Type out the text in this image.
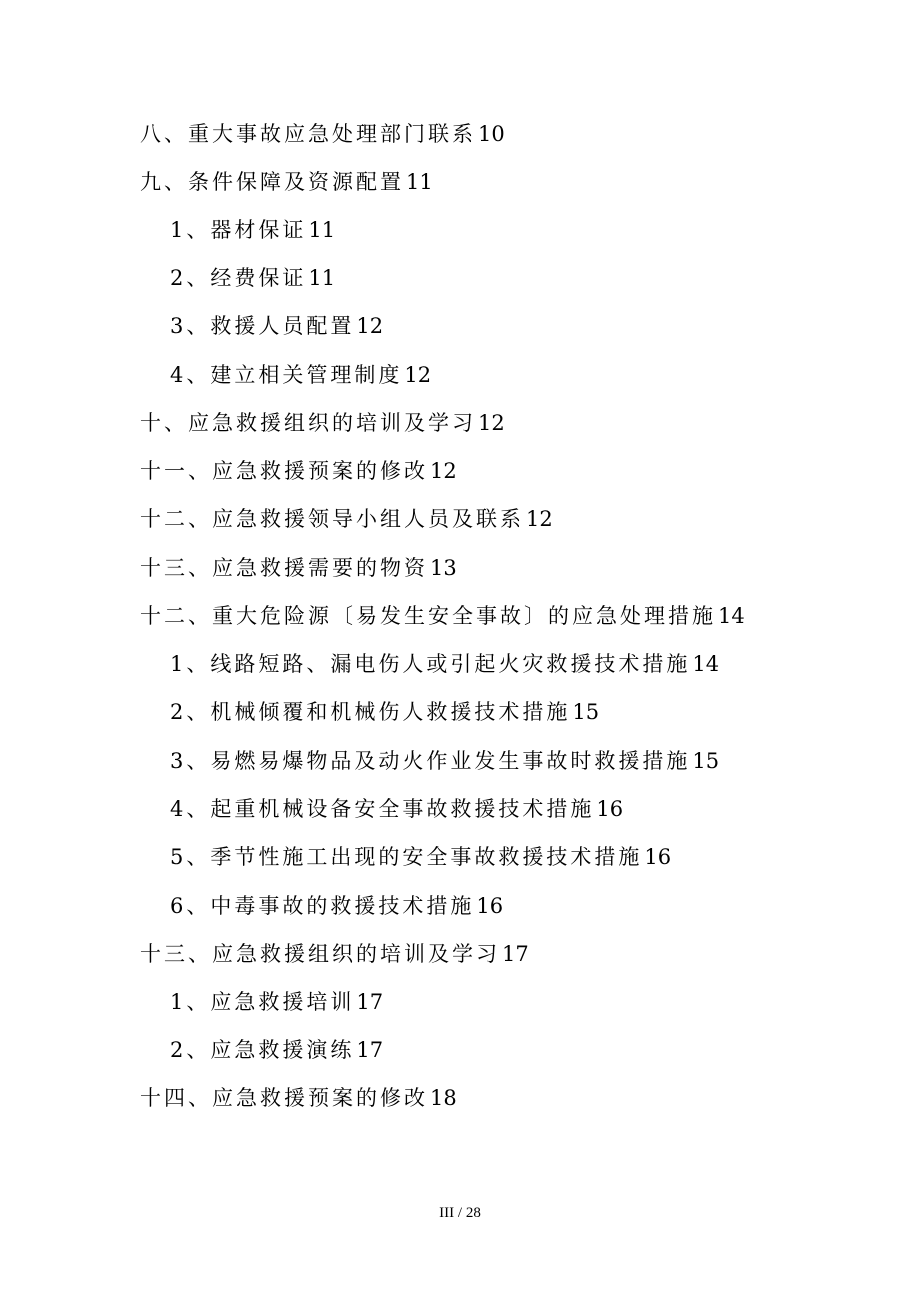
八、重大事故应急处理部门联系10
九、条件保障及资源配置11
1、器材保证11
2、经费保证11
3、救援人员配置12
4、建立相关管理制度12
十、应急救援组织的培训及学习12
十一、应急救援预案的修改12
十二、应急救援领导小组人员及联系12
十三、应急救援需要的物资13
十二、重大危险源〔易发生安全事故〕的应急处理措施14
1、线路短路、漏电伤人或引起火灾救援技术措施14
2、机械倾覆和机械伤人救援技术措施15
3、易燃易爆物品及动火作业发生事故时救援措施15
4、起重机械设备安全事故救援技术措施16
5、季节性施工出现的安全事故救援技术措施16
6、中毒事故的救援技术措施16
十三、应急救援组织的培训及学习17
1、应急救援培训17
2、应急救援演练17
十四、应急救援预案的修改18
III / 28
